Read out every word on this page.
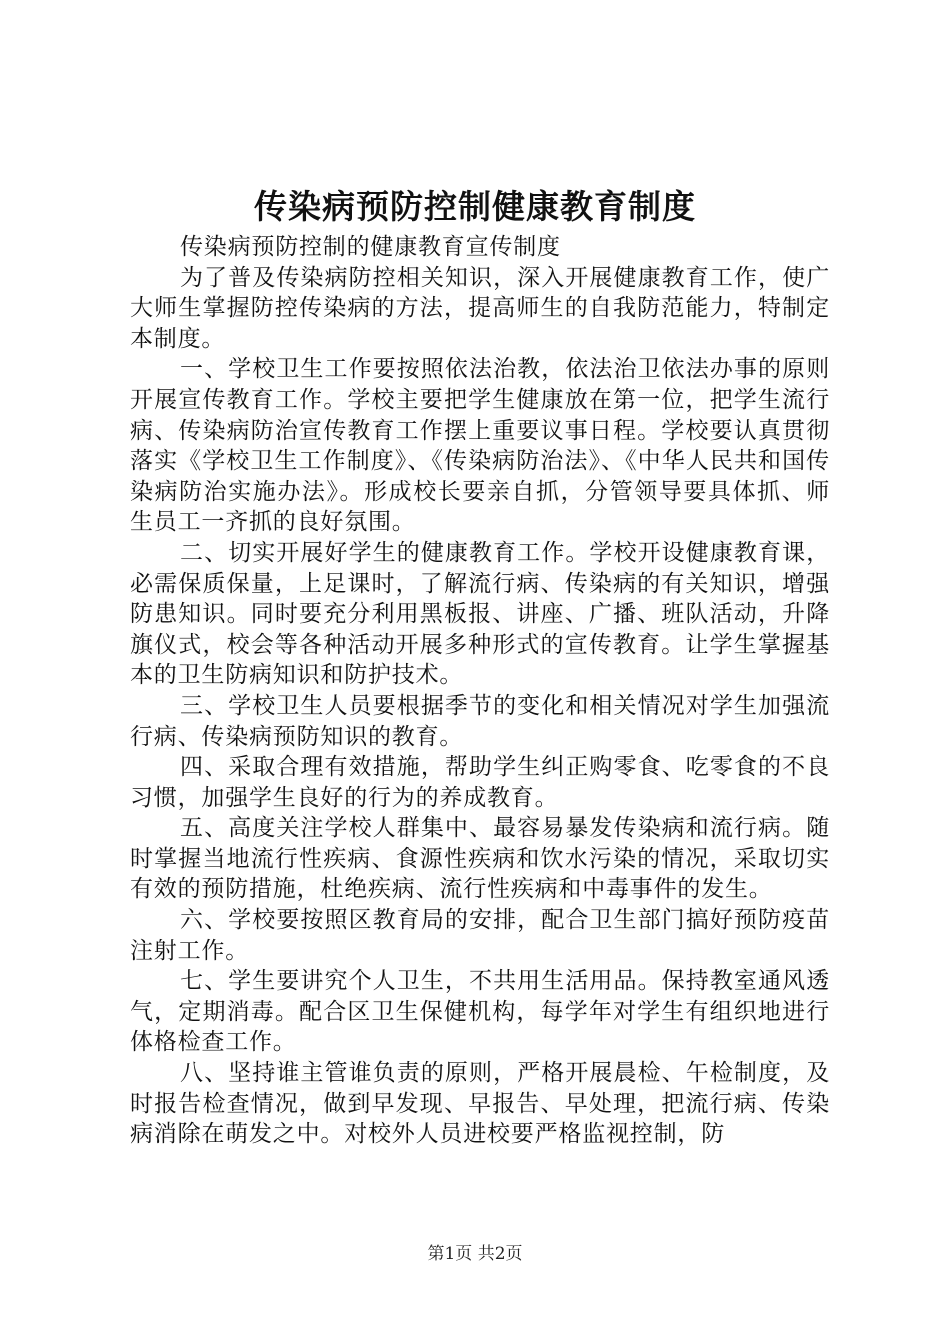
传染病预防控制健康教育制度

传染病预防控制的健康教育宣传制度

为了普及传染病防控相关知识，深入开展健康教育工作，使广大师生掌握防控传染病的方法，提高师生的自我防范能力，特制定本制度。

一、学校卫生工作要按照依法治教，依法治卫依法办事的原则开展宣传教育工作。学校主要把学生健康放在第一位，把学生流行病、传染病防治宣传教育工作摆上重要议事日程。学校要认真贯彻落实《学校卫生工作制度》、《传染病防治法》、《中华人民共和国传染病防治实施办法》。形成校长要亲自抓，分管领导要具体抓、师生员工一齐抓的良好氛围。

二、切实开展好学生的健康教育工作。学校开设健康教育课，必需保质保量，上足课时，了解流行病、传染病的有关知识，增强防患知识。同时要充分利用黑板报、讲座、广播、班队活动，升降旗仪式，校会等各种活动开展多种形式的宣传教育。让学生掌握基本的卫生防病知识和防护技术。

三、学校卫生人员要根据季节的变化和相关情况对学生加强流行病、传染病预防知识的教育。

四、采取合理有效措施，帮助学生纠正购零食、吃零食的不良习惯，加强学生良好的行为的养成教育。

五、高度关注学校人群集中、最容易暴发传染病和流行病。随时掌握当地流行性疾病、食源性疾病和饮水污染的情况，采取切实有效的预防措施，杜绝疾病、流行性疾病和中毒事件的发生。

六、学校要按照区教育局的安排，配合卫生部门搞好预防疫苗注射工作。

七、学生要讲究个人卫生，不共用生活用品。保持教室通风透气，定期消毒。配合区卫生保健机构，每学年对学生有组织地进行体格检查工作。

八、坚持谁主管谁负责的原则，严格开展晨检、午检制度，及时报告检查情况，做到早发现、早报告、早处理，把流行病、传染病消除在萌发之中。对校外人员进校要严格监视控制，防

第1页 共2页
